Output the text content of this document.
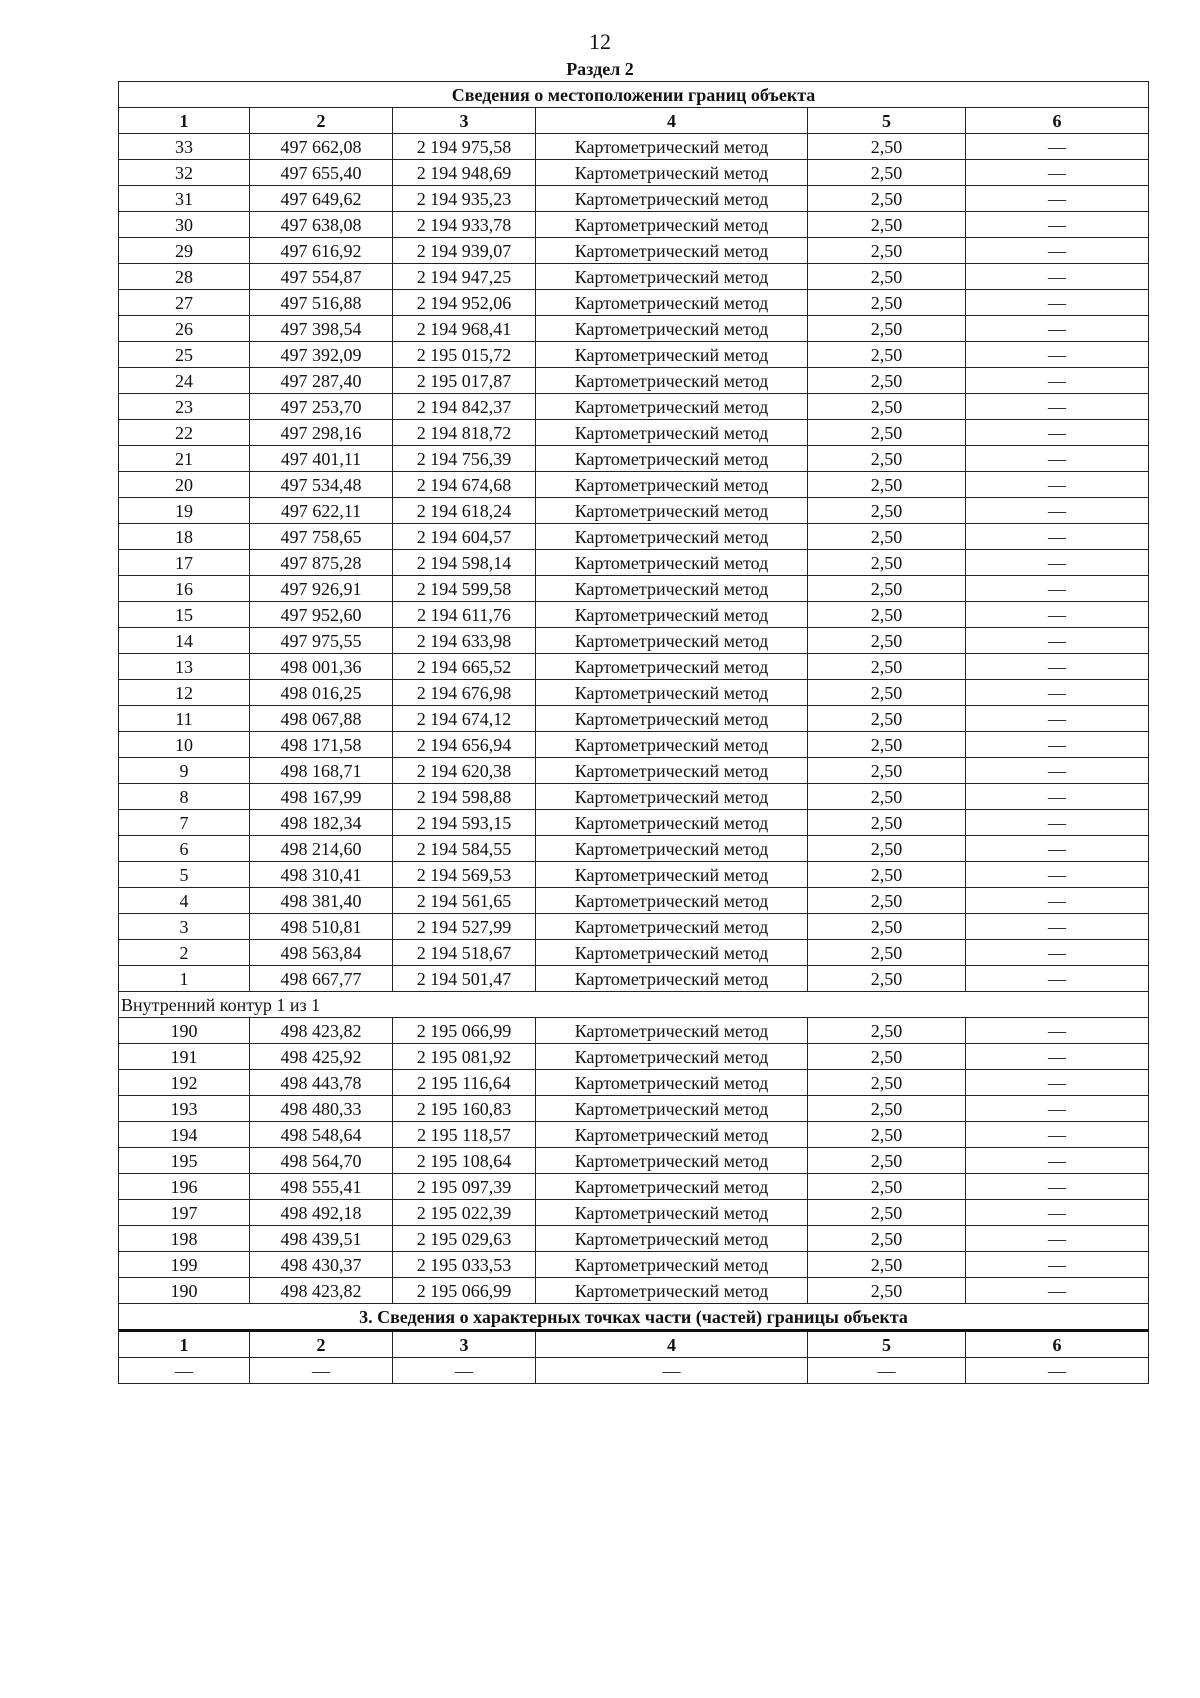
12
Раздел 2
Сведения о местоположении границ объекта					
1	2	3	4	5	6
33	497 662,08	2 194 975,58	Картометрический метод	2,50	—
32	497 655,40	2 194 948,69	Картометрический метод	2,50	—
31	497 649,62	2 194 935,23	Картометрический метод	2,50	—
30	497 638,08	2 194 933,78	Картометрический метод	2,50	—
29	497 616,92	2 194 939,07	Картометрический метод	2,50	—
28	497 554,87	2 194 947,25	Картометрический метод	2,50	—
27	497 516,88	2 194 952,06	Картометрический метод	2,50	—
26	497 398,54	2 194 968,41	Картометрический метод	2,50	—
25	497 392,09	2 195 015,72	Картометрический метод	2,50	—
24	497 287,40	2 195 017,87	Картометрический метод	2,50	—
23	497 253,70	2 194 842,37	Картометрический метод	2,50	—
22	497 298,16	2 194 818,72	Картометрический метод	2,50	—
21	497 401,11	2 194 756,39	Картометрический метод	2,50	—
20	497 534,48	2 194 674,68	Картометрический метод	2,50	—
19	497 622,11	2 194 618,24	Картометрический метод	2,50	—
18	497 758,65	2 194 604,57	Картометрический метод	2,50	—
17	497 875,28	2 194 598,14	Картометрический метод	2,50	—
16	497 926,91	2 194 599,58	Картометрический метод	2,50	—
15	497 952,60	2 194 611,76	Картометрический метод	2,50	—
14	497 975,55	2 194 633,98	Картометрический метод	2,50	—
13	498 001,36	2 194 665,52	Картометрический метод	2,50	—
12	498 016,25	2 194 676,98	Картометрический метод	2,50	—
11	498 067,88	2 194 674,12	Картометрический метод	2,50	—
10	498 171,58	2 194 656,94	Картометрический метод	2,50	—
9	498 168,71	2 194 620,38	Картометрический метод	2,50	—
8	498 167,99	2 194 598,88	Картометрический метод	2,50	—
7	498 182,34	2 194 593,15	Картометрический метод	2,50	—
6	498 214,60	2 194 584,55	Картометрический метод	2,50	—
5	498 310,41	2 194 569,53	Картометрический метод	2,50	—
4	498 381,40	2 194 561,65	Картометрический метод	2,50	—
3	498 510,81	2 194 527,99	Картометрический метод	2,50	—
2	498 563,84	2 194 518,67	Картометрический метод	2,50	—
1	498 667,77	2 194 501,47	Картометрический метод	2,50	—
Внутренний контур 1 из 1					
190	498 423,82	2 195 066,99	Картометрический метод	2,50	—
191	498 425,92	2 195 081,92	Картометрический метод	2,50	—
192	498 443,78	2 195 116,64	Картометрический метод	2,50	—
193	498 480,33	2 195 160,83	Картометрический метод	2,50	—
194	498 548,64	2 195 118,57	Картометрический метод	2,50	—
195	498 564,70	2 195 108,64	Картометрический метод	2,50	—
196	498 555,41	2 195 097,39	Картометрический метод	2,50	—
197	498 492,18	2 195 022,39	Картометрический метод	2,50	—
198	498 439,51	2 195 029,63	Картометрический метод	2,50	—
199	498 430,37	2 195 033,53	Картометрический метод	2,50	—
190	498 423,82	2 195 066,99	Картометрический метод	2,50	—
3. Сведения о характерных точках части (частей) границы объекта					
1	2	3	4	5	6
—	—	—	—	—	—
